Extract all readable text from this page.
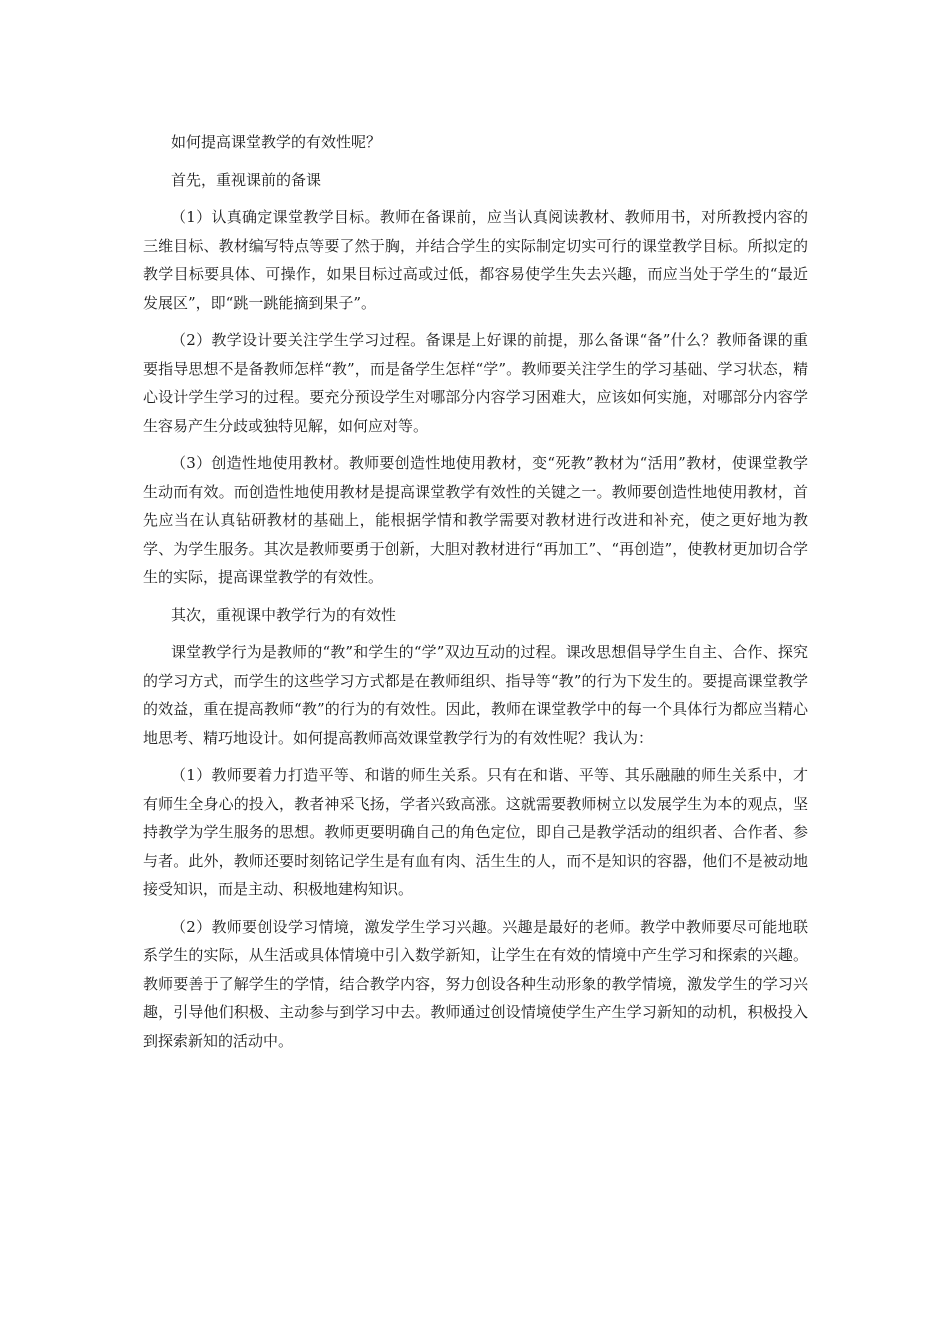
如何提高课堂教学的有效性呢？

首先，重视课前的备课

（1）认真确定课堂教学目标。教师在备课前，应当认真阅读教材、教师用书，对所教授内容的三维目标、教材编写特点等要了然于胸，并结合学生的实际制定切实可行的课堂教学目标。所拟定的教学目标要具体、可操作，如果目标过高或过低，都容易使学生失去兴趣，而应当处于学生的“最近发展区”，即“跳一跳能摘到果子”。

（2）教学设计要关注学生学习过程。备课是上好课的前提，那么备课“备”什么？教师备课的重要指导思想不是备教师怎样“教”，而是备学生怎样“学”。教师要关注学生的学习基础、学习状态，精心设计学生学习的过程。要充分预设学生对哪部分内容学习困难大，应该如何实施，对哪部分内容学生容易产生分歧或独特见解，如何应对等。

（3）创造性地使用教材。教师要创造性地使用教材，变“死教”教材为“活用”教材，使课堂教学生动而有效。而创造性地使用教材是提高课堂教学有效性的关键之一。教师要创造性地使用教材，首先应当在认真钻研教材的基础上，能根据学情和教学需要对教材进行改进和补充，使之更好地为教学、为学生服务。其次是教师要勇于创新，大胆对教材进行“再加工”、“再创造”，使教材更加切合学生的实际，提高课堂教学的有效性。

其次，重视课中教学行为的有效性

课堂教学行为是教师的“教”和学生的“学”双边互动的过程。课改思想倡导学生自主、合作、探究的学习方式，而学生的这些学习方式都是在教师组织、指导等“教”的行为下发生的。要提高课堂教学的效益，重在提高教师“教”的行为的有效性。因此，教师在课堂教学中的每一个具体行为都应当精心地思考、精巧地设计。如何提高教师高效课堂教学行为的有效性呢？我认为：

（1）教师要着力打造平等、和谐的师生关系。只有在和谐、平等、其乐融融的师生关系中，才有师生全身心的投入，教者神采飞扬，学者兴致高涨。这就需要教师树立以发展学生为本的观点，坚持教学为学生服务的思想。教师更要明确自己的角色定位，即自己是教学活动的组织者、合作者、参与者。此外，教师还要时刻铭记学生是有血有肉、活生生的人，而不是知识的容器，他们不是被动地接受知识，而是主动、积极地建构知识。

（2）教师要创设学习情境，激发学生学习兴趣。兴趣是最好的老师。教学中教师要尽可能地联系学生的实际，从生活或具体情境中引入数学新知，让学生在有效的情境中产生学习和探索的兴趣。教师要善于了解学生的学情，结合教学内容，努力创设各种生动形象的教学情境，激发学生的学习兴趣，引导他们积极、主动参与到学习中去。教师通过创设情境使学生产生学习新知的动机，积极投入到探索新知的活动中。
